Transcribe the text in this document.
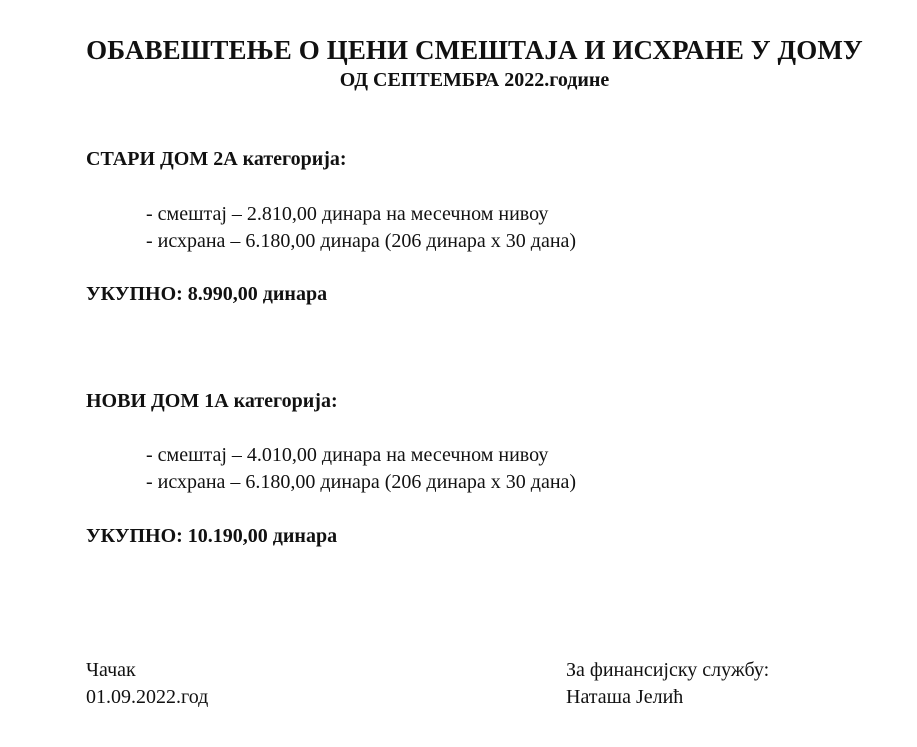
ОБАВЕШТЕЊЕ О ЦЕНИ СМЕШТАЈА И ИСХРАНЕ У ДОМУ
ОД СЕПТЕМБРА 2022.године
СТАРИ ДОМ 2А категорија:
- смештај – 2.810,00 динара на месечном нивоу
- исхрана – 6.180,00 динара (206 динара х 30 дана)
УКУПНО: 8.990,00 динара
НОВИ ДОМ 1А категорија:
- смештај – 4.010,00 динара на месечном нивоу
- исхрана – 6.180,00 динара (206 динара х 30 дана)
УКУПНО: 10.190,00 динара
Чачак
01.09.2022.год
За финансијску службу:
Наташа Јелић
